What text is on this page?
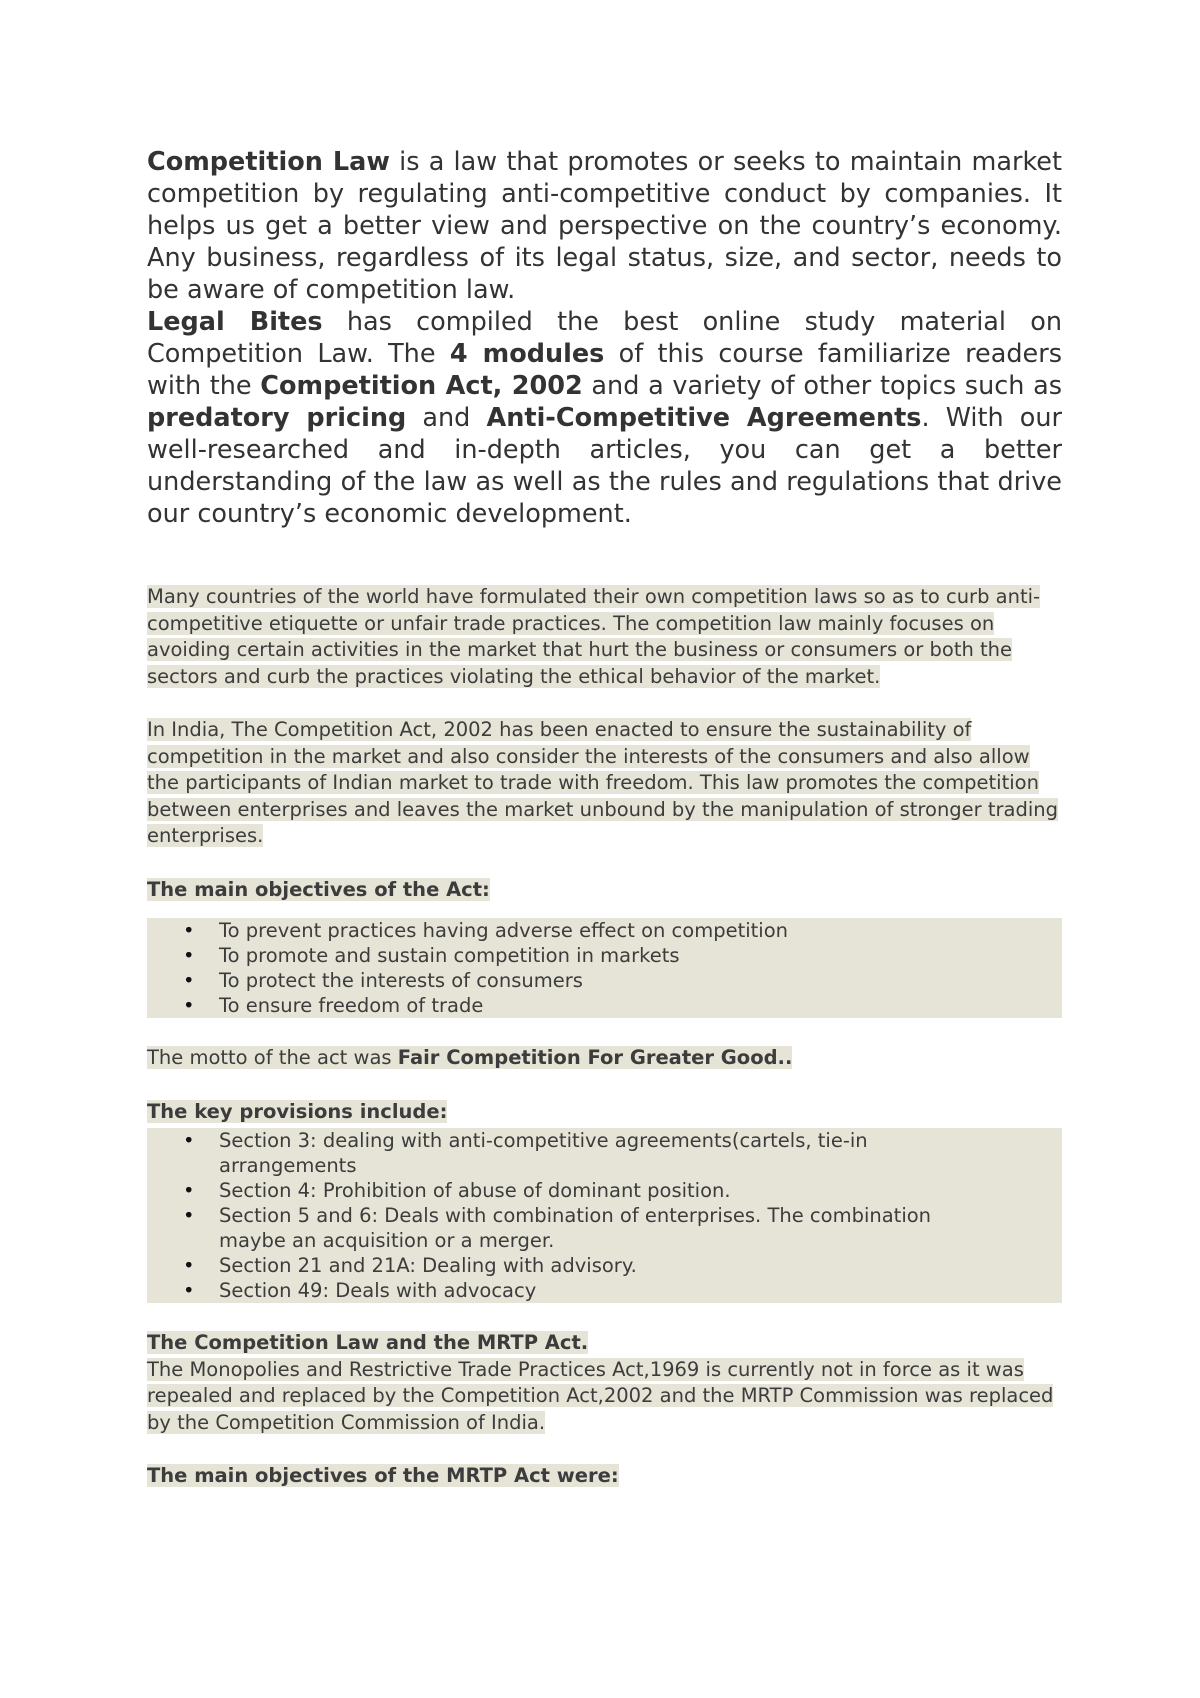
Competition Law is a law that promotes or seeks to maintain market competition by regulating anti-competitive conduct by companies. It helps us get a better view and perspective on the country’s economy. Any business, regardless of its legal status, size, and sector, needs to be aware of competition law.

Legal Bites has compiled the best online study material on Competition Law. The 4 modules of this course familiarize readers with the Competition Act, 2002 and a variety of other topics such as predatory pricing and Anti-Competitive Agreements. With our well-researched and in-depth articles, you can get a better understanding of the law as well as the rules and regulations that drive our country’s economic development.

Many countries of the world have formulated their own competition laws so as to curb anti-competitive etiquette or unfair trade practices. The competition law mainly focuses on avoiding certain activities in the market that hurt the business or consumers or both the sectors and curb the practices violating the ethical behavior of the market.

In India, The Competition Act, 2002 has been enacted to ensure the sustainability of competition in the market and also consider the interests of the consumers and also allow the participants of Indian market to trade with freedom. This law promotes the competition between enterprises and leaves the market unbound by the manipulation of stronger trading enterprises.

The main objectives of the Act:

• To prevent practices having adverse effect on competition
• To promote and sustain competition in markets
• To protect the interests of consumers
• To ensure freedom of trade

The motto of the act was Fair Competition For Greater Good..

The key provisions include:

• Section 3: dealing with anti-competitive agreements(cartels, tie-in arrangements
• Section 4: Prohibition of abuse of dominant position.
• Section 5 and 6: Deals with combination of enterprises. The combination maybe an acquisition or a merger.
• Section 21 and 21A: Dealing with advisory.
• Section 49: Deals with advocacy

The Competition Law and the MRTP Act.

The Monopolies and Restrictive Trade Practices Act,1969 is currently not in force as it was repealed and replaced by the Competition Act,2002 and the MRTP Commission was replaced by the Competition Commission of India.

The main objectives of the MRTP Act were:
